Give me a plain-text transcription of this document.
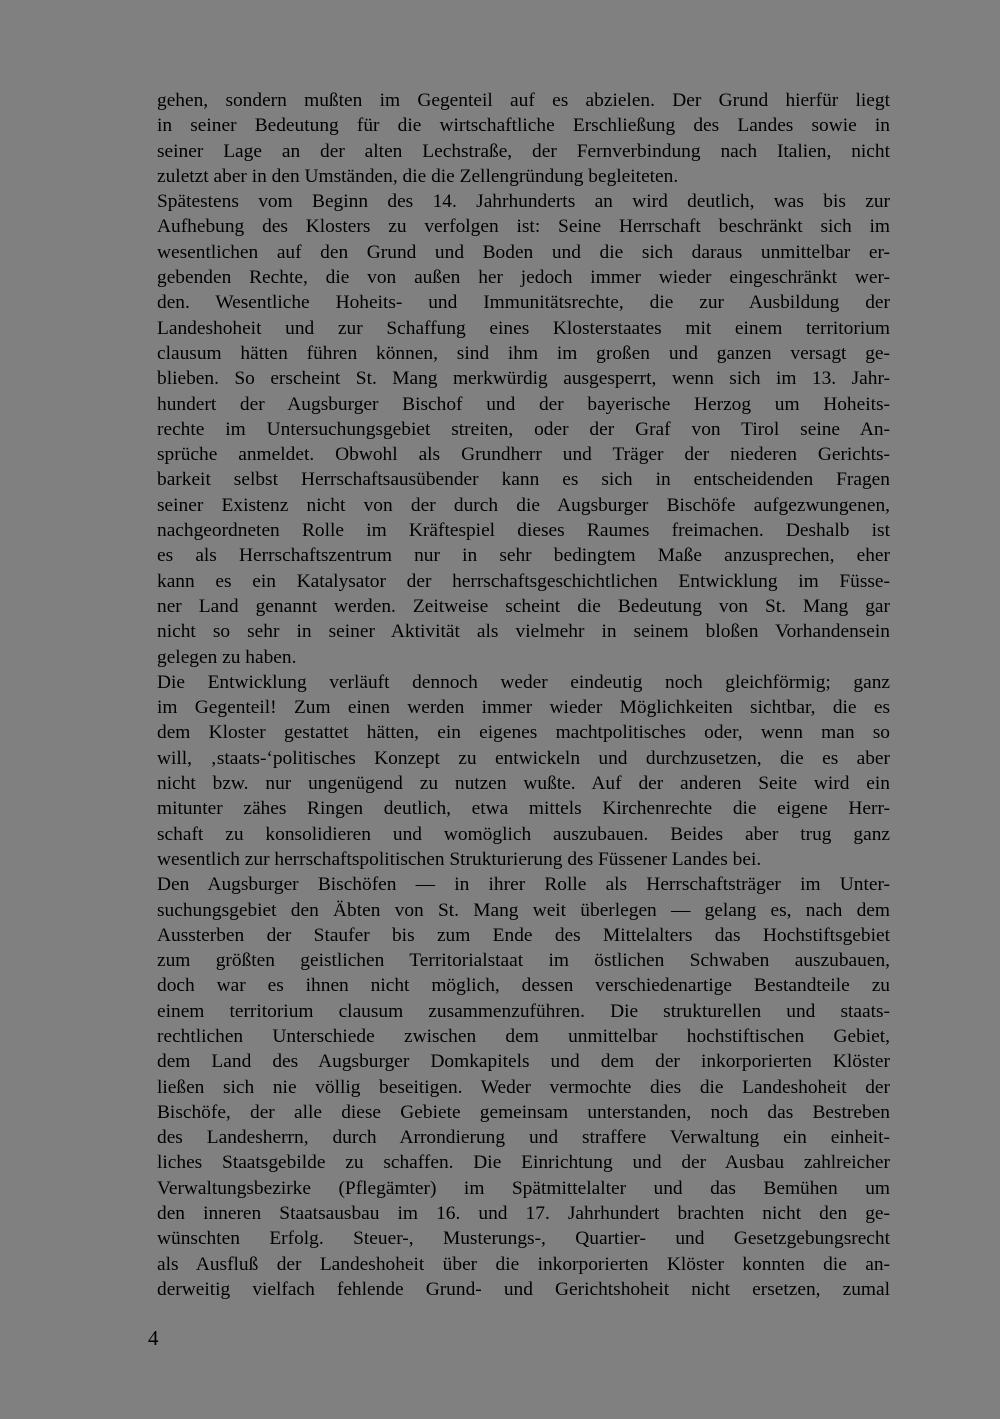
gehen, sondern mußten im Gegenteil auf es abzielen. Der Grund hierfür liegt
in seiner Bedeutung für die wirtschaftliche Erschließung des Landes sowie in
seiner Lage an der alten Lechstraße, der Fernverbindung nach Italien, nicht
zuletzt aber in den Umständen, die die Zellengründung begleiteten.
Spätestens vom Beginn des 14. Jahrhunderts an wird deutlich, was bis zur
Aufhebung des Klosters zu verfolgen ist: Seine Herrschaft beschränkt sich im
wesentlichen auf den Grund und Boden und die sich daraus unmittelbar er-
gebenden Rechte, die von außen her jedoch immer wieder eingeschränkt wer-
den. Wesentliche Hoheits- und Immunitätsrechte, die zur Ausbildung der
Landeshoheit und zur Schaffung eines Klosterstaates mit einem territorium
clausum hätten führen können, sind ihm im großen und ganzen versagt ge-
blieben. So erscheint St. Mang merkwürdig ausgesperrt, wenn sich im 13. Jahr-
hundert der Augsburger Bischof und der bayerische Herzog um Hoheits-
rechte im Untersuchungsgebiet streiten, oder der Graf von Tirol seine An-
sprüche anmeldet. Obwohl als Grundherr und Träger der niederen Gerichts-
barkeit selbst Herrschaftsausübender kann es sich in entscheidenden Fragen
seiner Existenz nicht von der durch die Augsburger Bischöfe aufgezwungenen,
nachgeordneten Rolle im Kräftespiel dieses Raumes freimachen. Deshalb ist
es als Herrschaftszentrum nur in sehr bedingtem Maße anzusprechen, eher
kann es ein Katalysator der herrschaftsgeschichtlichen Entwicklung im Füsse-
ner Land genannt werden. Zeitweise scheint die Bedeutung von St. Mang gar
nicht so sehr in seiner Aktivität als vielmehr in seinem bloßen Vorhandensein
gelegen zu haben.
Die Entwicklung verläuft dennoch weder eindeutig noch gleichförmig; ganz
im Gegenteil! Zum einen werden immer wieder Möglichkeiten sichtbar, die es
dem Kloster gestattet hätten, ein eigenes machtpolitisches oder, wenn man so
will, ‚staats-‘politisches Konzept zu entwickeln und durchzusetzen, die es aber
nicht bzw. nur ungenügend zu nutzen wußte. Auf der anderen Seite wird ein
mitunter zähes Ringen deutlich, etwa mittels Kirchenrechte die eigene Herr-
schaft zu konsolidieren und womöglich auszubauen. Beides aber trug ganz
wesentlich zur herrschaftspolitischen Strukturierung des Füssener Landes bei.
Den Augsburger Bischöfen — in ihrer Rolle als Herrschaftsträger im Unter-
suchungsgebiet den Äbten von St. Mang weit überlegen — gelang es, nach dem
Aussterben der Staufer bis zum Ende des Mittelalters das Hochstiftsgebiet
zum größten geistlichen Territorialstaat im östlichen Schwaben auszubauen,
doch war es ihnen nicht möglich, dessen verschiedenartige Bestandteile zu
einem territorium clausum zusammenzuführen. Die strukturellen und staats-
rechtlichen Unterschiede zwischen dem unmittelbar hochstiftischen Gebiet,
dem Land des Augsburger Domkapitels und dem der inkorporierten Klöster
ließen sich nie völlig beseitigen. Weder vermochte dies die Landeshoheit der
Bischöfe, der alle diese Gebiete gemeinsam unterstanden, noch das Bestreben
des Landesherrn, durch Arrondierung und straffere Verwaltung ein einheit-
liches Staatsgebilde zu schaffen. Die Einrichtung und der Ausbau zahlreicher
Verwaltungsbezirke (Pflegämter) im Spätmittelalter und das Bemühen um
den inneren Staatsausbau im 16. und 17. Jahrhundert brachten nicht den ge-
wünschten Erfolg. Steuer-, Musterungs-, Quartier- und Gesetzgebungsrecht
als Ausfluß der Landeshoheit über die inkorporierten Klöster konnten die an-
derweitig vielfach fehlende Grund- und Gerichtshoheit nicht ersetzen, zumal
4
